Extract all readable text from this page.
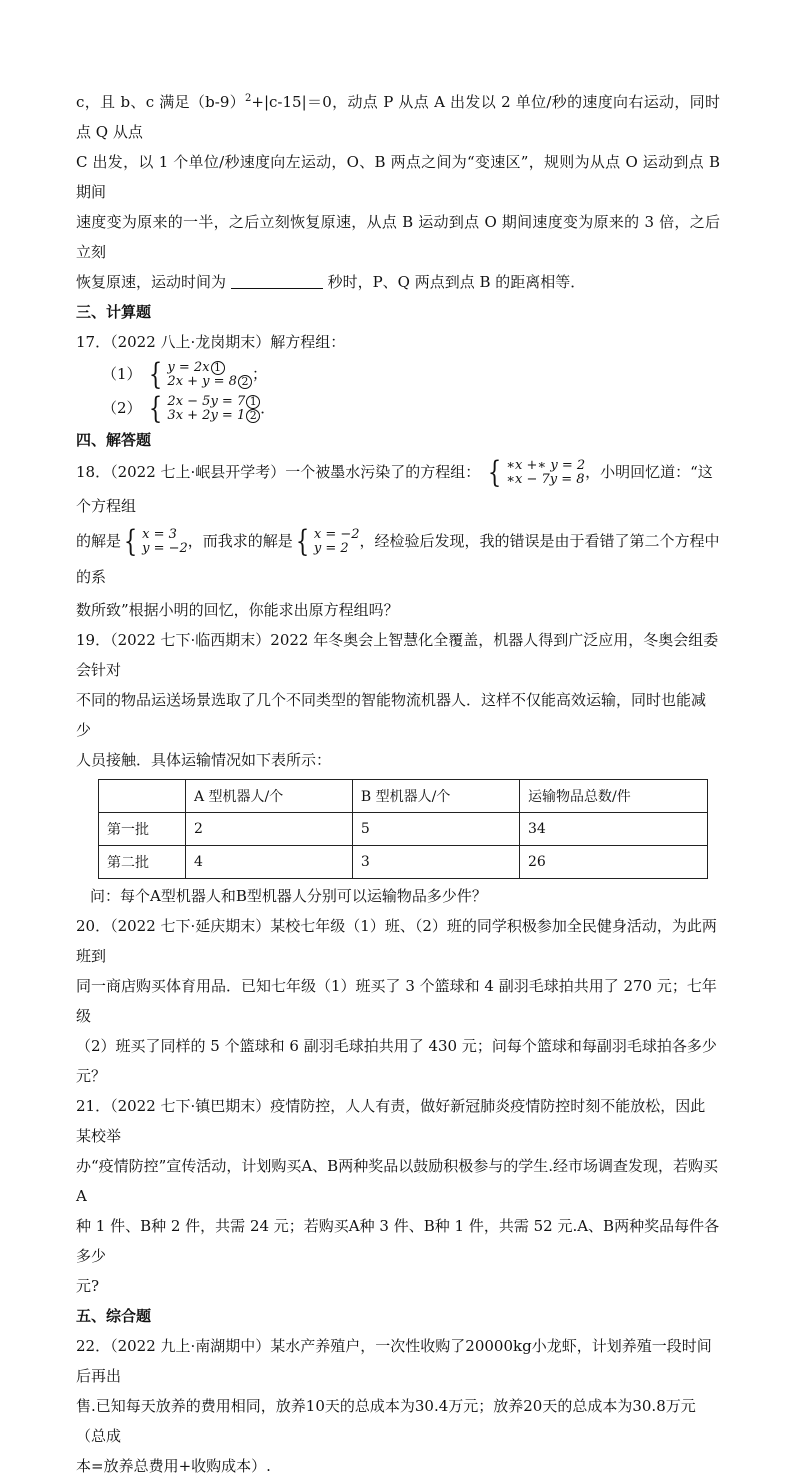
c，且 b、c 满足$(b-9)^2+|c-15|=0$，动点 P 从点 A 出发以 2 单位/秒的速度向右运动，同时点 Q 从点

C 出发，以 1 个单位/秒速度向左运动，O、B 两点之间为“变速区”，规则为从点 O 运动到点 B 期间

速度变为原来的一半，之后立刻恢复原速，从点 B 运动到点 O 期间速度变为原来的 3 倍，之后立刻

恢复原速，运动时间为	秒时，P、Q 两点到点 B 的距离相等．

三、计算题

17．（2022 八上·龙岗期末）解方程组：

（1） { y = 2x 1
2x + y = 8 2 ；
（2） { 2x − 5y = 7 1
3x + 2y = 1 2 ．

四、解答题

18．（2022 七上·岷县开学考）一个被墨水污染了的方程组： { ∗x +∗ y = 2
∗x − 7y = 8 ，小明回忆道：“这个方程组

的解是 { x = 3
y = −2 ，而我求的解是 { x = −2
y = 2 ，经检验后发现，我的错误是由于看错了第二个方程中的系

数所致”根据小明的回忆，你能求出原方程组吗？

19．（2022 七下·临西期末）2022 年冬奥会上智慧化全覆盖，机器人得到广泛应用，冬奥会组委会针对

不同的物品运送场景选取了几个不同类型的智能物流机器人．这样不仅能高效运输，同时也能减少

人员接触．具体运输情况如下表所示：

	A 型机器人/个	B 型机器人/个	运输物品总数/件
第一批	2	5	34
第二批	4	3	26

问：每个A型机器人和B型机器人分别可以运输物品多少件？

20．（2022 七下·延庆期末）某校七年级（1）班、（2）班的同学积极参加全民健身活动，为此两班到

同一商店购买体育用品．已知七年级（1）班买了 3 个篮球和 4 副羽毛球拍共用了 270 元；七年级

（2）班买了同样的 5 个篮球和 6 副羽毛球拍共用了 430 元；问每个篮球和每副羽毛球拍各多少元？

21．（2022 七下·镇巴期末）疫情防控，人人有责，做好新冠肺炎疫情防控时刻不能放松，因此某校举

办“疫情防控”宣传活动，计划购买A、B两种奖品以鼓励积极参与的学生.经市场调查发现，若购买A

种 1 件、B种 2 件，共需 24 元；若购买A种 3 件、B种 1 件，共需 52 元.A、B两种奖品每件各多少

元?

五、综合题

22．（2022 九上·南湖期中）某水产养殖户，一次性收购了20000kg小龙虾，计划养殖一段时间后再出

售.已知每天放养的费用相同，放养10天的总成本为30.4万元；放养20天的总成本为30.8万元（总成

本=放养总费用+收购成本）.
